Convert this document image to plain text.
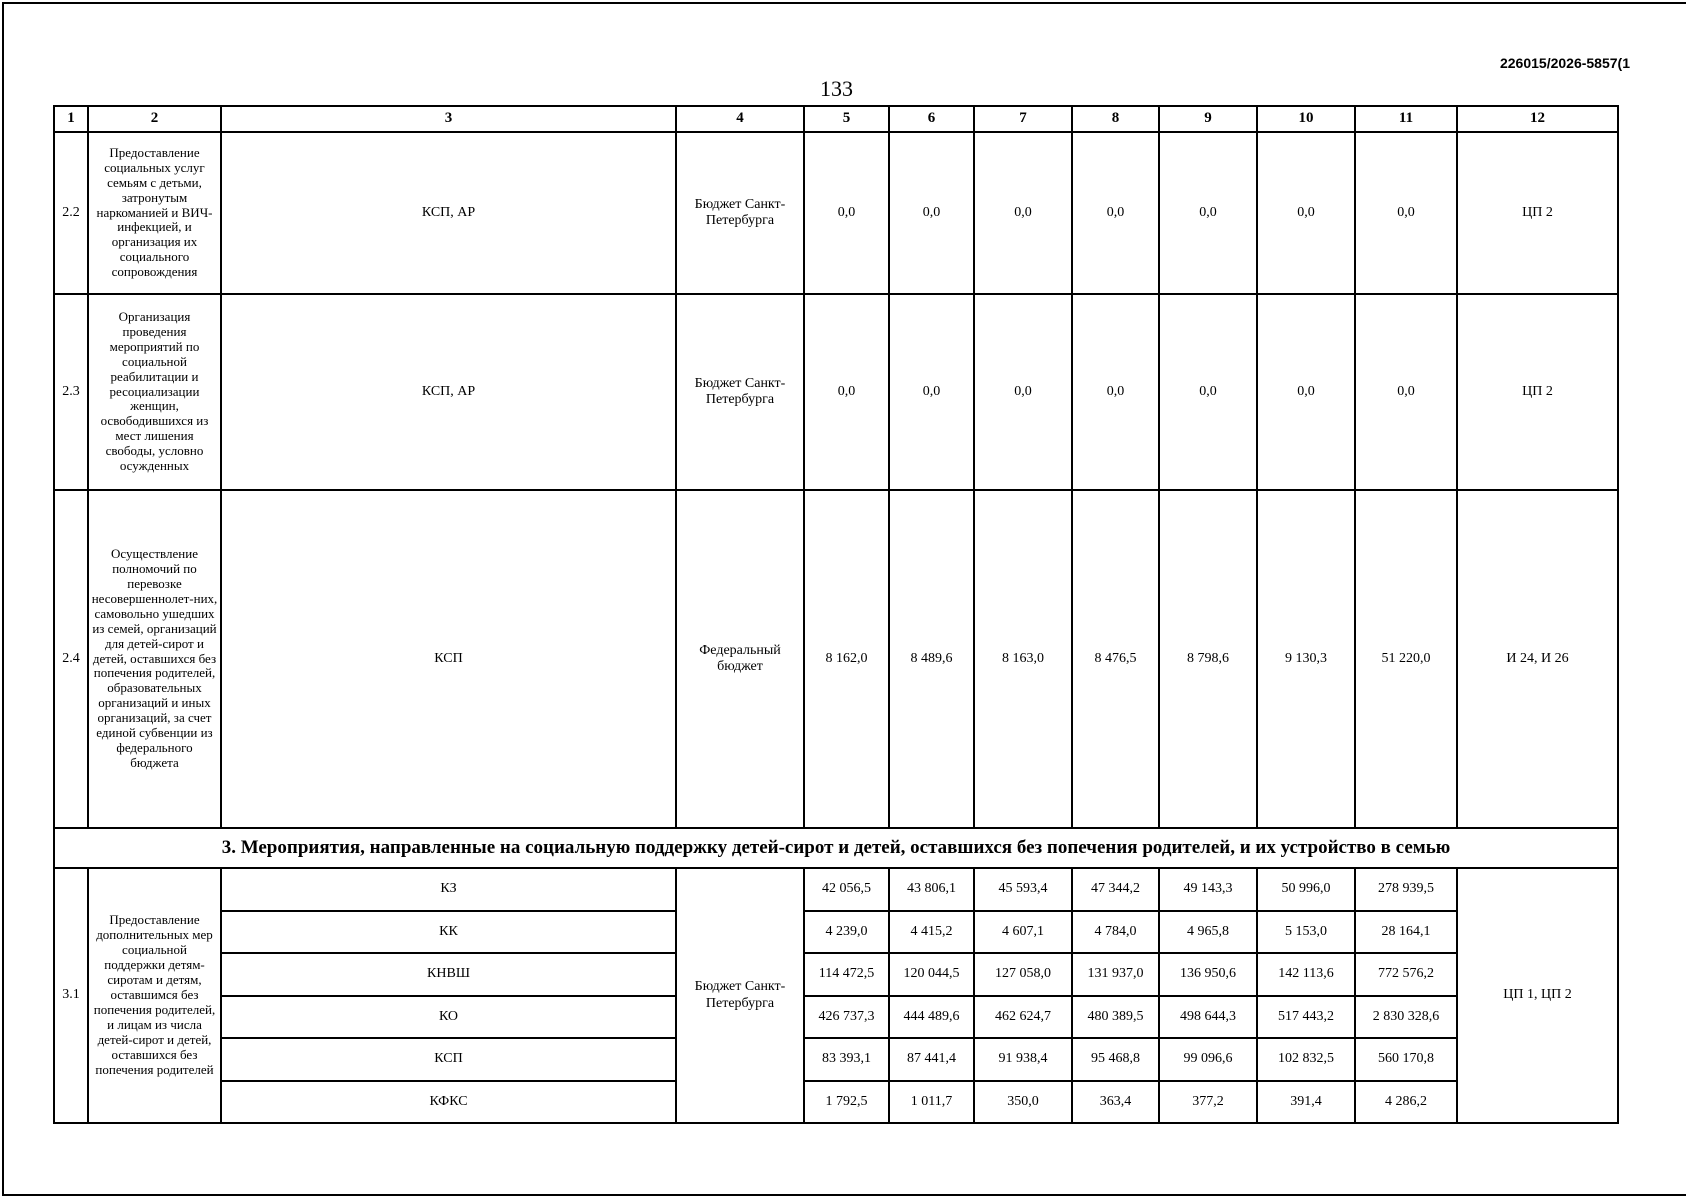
226015/2026-5857(1
133
1	2	3	4	5	6	7	8	9	10	11	12
2.2	Предоставление социальных услуг семьям с детьми, затронутым наркоманией и ВИЧ-инфекцией, и организация их социального сопровождения	КСП, АР	Бюджет Санкт-Петербурга	0,0	0,0	0,0	0,0	0,0	0,0	0,0	ЦП 2
2.3	Организация проведения мероприятий по социальной реабилитации и ресоциализации женщин, освободившихся из мест лишения свободы, условно осужденных	КСП, АР	Бюджет Санкт-Петербурга	0,0	0,0	0,0	0,0	0,0	0,0	0,0	ЦП 2
2.4	Осуществление полномочий по перевозке несовершеннолет-них, самовольно ушедших из семей, организаций для детей-сирот и детей, оставшихся без попечения родителей, образовательных организаций и иных организаций, за счет единой субвенции из федерального бюджета	КСП	Федеральный бюджет	8 162,0	8 489,6	8 163,0	8 476,5	8 798,6	9 130,3	51 220,0	И 24, И 26
3. Мероприятия, направленные на социальную поддержку детей-сирот и детей, оставшихся без попечения родителей, и их устройство в семью											
3.1	Предоставление дополнительных мер социальной поддержки детям-сиротам и детям, оставшимся без попечения родителей, и лицам из числа детей-сирот и детей, оставшихся без попечения родителей	КЗ	Бюджет Санкт-Петербурга	42 056,5	43 806,1	45 593,4	47 344,2	49 143,3	50 996,0	278 939,5	ЦП 1, ЦП 2
		КК		4 239,0	4 415,2	4 607,1	4 784,0	4 965,8	5 153,0	28 164,1	
		КНВШ		114 472,5	120 044,5	127 058,0	131 937,0	136 950,6	142 113,6	772 576,2	
		КО		426 737,3	444 489,6	462 624,7	480 389,5	498 644,3	517 443,2	2 830 328,6	
		КСП		83 393,1	87 441,4	91 938,4	95 468,8	99 096,6	102 832,5	560 170,8	
		КФКС		1 792,5	1 011,7	350,0	363,4	377,2	391,4	4 286,2	
